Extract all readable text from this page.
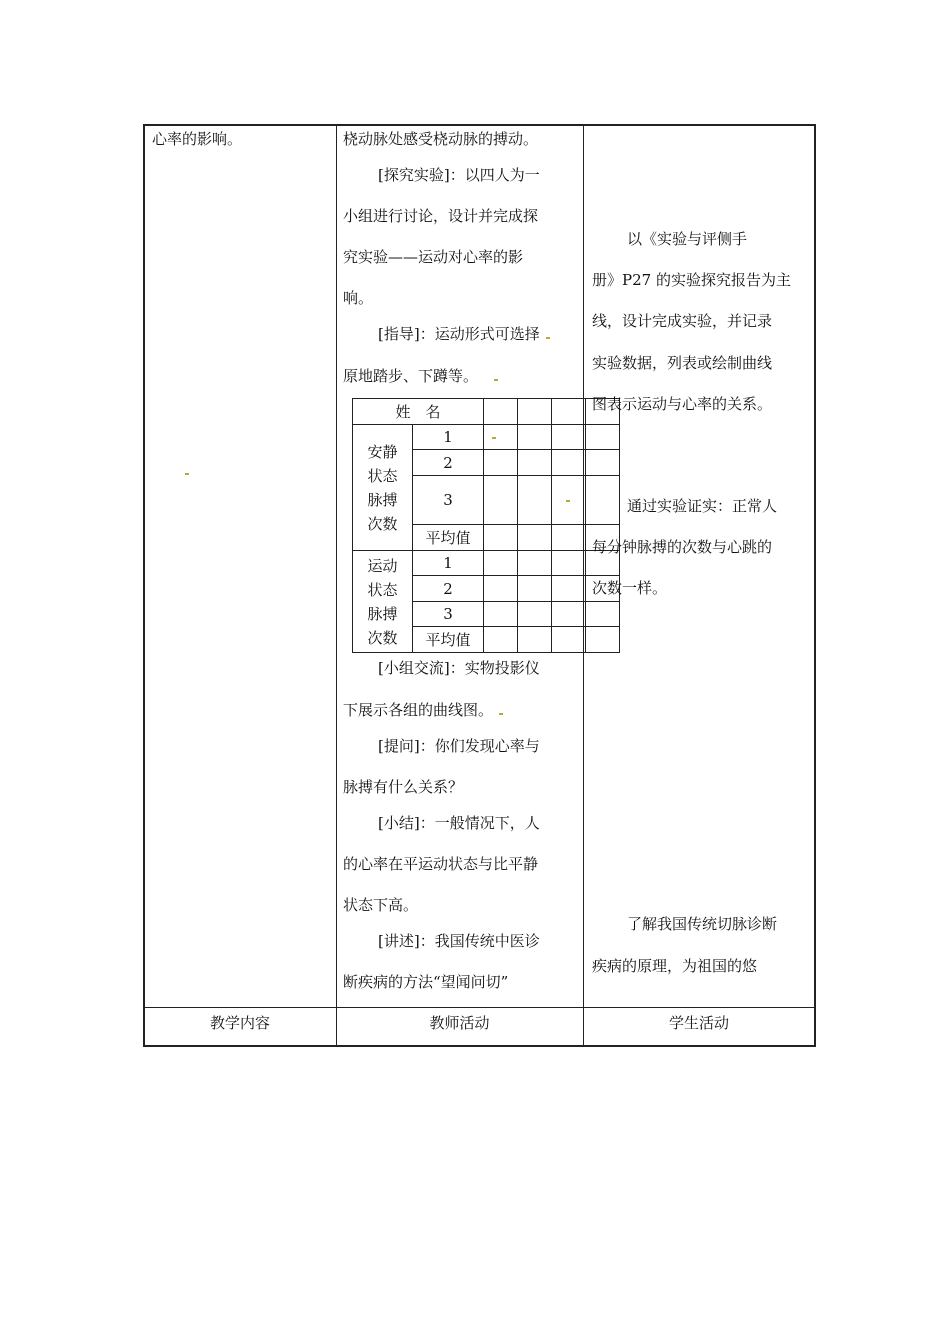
心率的影响。	桡动脉处感受桡动脉的搏动。
[探究实验]：以四人为一
小组进行讨论，设计并完成探
究实验——运动对心率的影
响。
[指导]：运动形式可选择
原地踏步、下蹲等。
姓　名					

安静
状态
脉搏
次数	1				
	2				
	3				
	平均值				

运动
状态
脉搏
次数	1				
	2				
	3				
	平均值				
[小组交流]：实物投影仪
下展示各组的曲线图。
[提问]：你们发现心率与
脉搏有什么关系？
[小结]：一般情况下，人
的心率在平运动状态与比平静
状态下高。
[讲述]：我国传统中医诊
断疾病的方法“望闻问切”
以《实验与评侧手
册》P27 的实验探究报告为主
线，设计完成实验，并记录
实验数据，列表或绘制曲线
图表示运动与心率的关系。
通过实验证实：正常人
每分钟脉搏的次数与心跳的
次数一样。
了解我国传统切脉诊断
疾病的原理，为祖国的悠
教学内容	教师活动	学生活动
